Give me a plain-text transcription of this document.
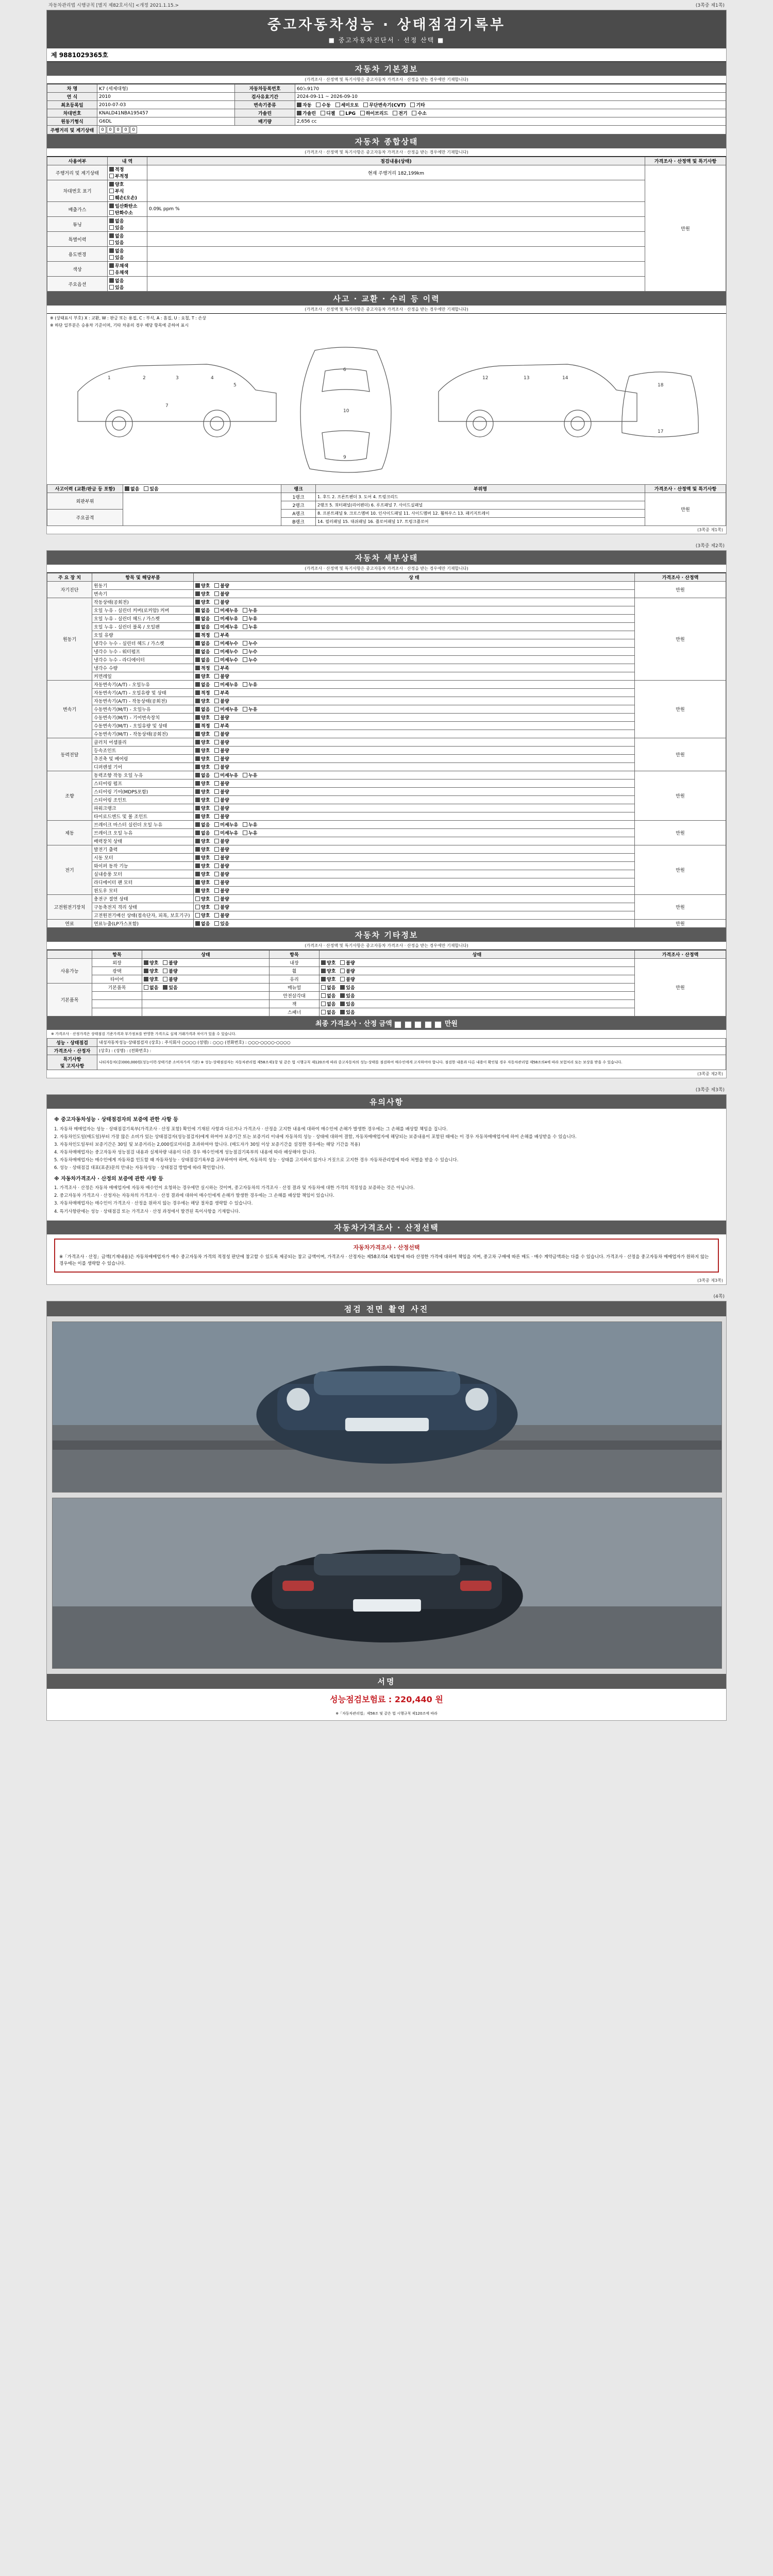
자동차관리법 시행규칙 [별지 제82호서식] <개정 2021.1.15.>	(3쪽중 제1쪽)
중고자동차성능 · 상태점검기록부
■ 중고자동차진단서 · 선정 산택 ■
제 9881029365호
자동차 기본정보
(가격조사 · 산정액 및 특기사항은 중고자동차 가격조사 · 산정을 받는 경우에만 기재합니다)
차 명	K7 (세제대형)	자동차등록번호	60노9170
연 식	2010	검사유효기간	2024-09-11 ~ 2026-09-10
최초등록일	2010-07-03	변속기종류	자동 수동 세미오토 무단변속기(CVT) 기타
차대번호	KNALD41NBA195457	가솔린	가솔린 디젤 LPG 하이브리드 전기 수소
원동기형식	G6DL	배기량	2,656 cc
주행거리 및 계기상태	0 0 0 0 0		
자동차 종합상태
(가격조사 · 산정액 및 특기사항은 중고자동차 가격조사 · 산정을 받는 경우에만 기재합니다)
사용여부	내 역	점검내용(상태)	가격조사 · 산정액 및 특기사항
주행거리 및 계기상태	적정 부적정	현재 주행거리 182,199km	만원
차대번호 표기	양호 부식 훼손(오손)		
배출가스	일산화탄소 탄화수소	0.09L ppm %	
튜닝	없음 있음		
특별이력	없음 있음		
용도변경	없음 있음		
색상	무채색 유채색		
주요옵션	없음 있음		
사고 · 교환 · 수리 등 이력
(가격조사 · 산정액 및 특기사항은 중고자동차 가격조사 · 산정을 받는 경우에만 기재합니다)
※ (상태표시 부호) X : 교환, W : 판금 또는 용접, C : 부식, A : 흠집, U : 요철, T : 손상
※ 하단 일부분은 승용차 기준이며, 기타 차종의 경우 해당 항목에 준하여 표시
1	2	3	4
5
7
6
10
9
12	13	14
18
17
사고이력 (교환/판금 등 포함)	없음 있음	랭크	부위명	가격조사 · 산정액 및 특기사항
외판부위		1랭크	1. 후드 2. 프론트펜더 3. 도어 4. 트렁크리드	만원
		2랭크	2랭크 5. 쿼터패널(리어펜더) 6. 루프패널 7. 사이드실패널	
주요골격		A랭크	8. 프론트패널 9. 크로스멤버 10. 인사이드패널 11. 사이드멤버 12. 휠하우스 13. 패키지트레이	
		B랭크	14. 필러패널 15. 대쉬패널 16. 플로어패널 17. 트렁크플로어	
(3쪽중 제1쪽)
(3쪽중 제2쪽)
자동차 세부상태
(가격조사 · 산정액 및 특기사항은 중고자동차 가격조사 · 산정을 받는 경우에만 기재합니다)
주 요 장 치	항목 및 해당부품	상 태	가격조사 · 산정액
자기진단	원동기	양호 불량	만원
	변속기	양호 불량	
원동기	작동상태(공회전)	양호 불량	만원
	오일 누유 - 실린더 커버(로커암) 커버	없음 미세누유 누유	
	오일 누유 - 실린더 헤드 / 가스켓	없음 미세누유 누유	
	오일 누유 - 실린더 블록 / 오일팬	없음 미세누유 누유	
	오일 유량	적정 부족	
	냉각수 누수 - 실린더 헤드 / 가스켓	없음 미세누수 누수	
	냉각수 누수 - 워터펌프	없음 미세누수 누수	
	냉각수 누수 - 라디에이터	없음 미세누수 누수	
	냉각수 수량	적정 부족	
	커먼레일	양호 불량	
변속기	자동변속기(A/T) - 오일누유	없음 미세누유 누유	만원
	자동변속기(A/T) - 오일유량 및 상태	적정 부족	
	자동변속기(A/T) - 작동상태(공회전)	양호 불량	
	수동변속기(M/T) - 오일누유	없음 미세누유 누유	
	수동변속기(M/T) - 기어변속장치	양호 불량	
	수동변속기(M/T) - 오일유량 및 상태	적정 부족	
	수동변속기(M/T) - 작동상태(공회전)	양호 불량	
동력전달	클러치 어셈블리	양호 불량	만원
	등속조인트	양호 불량	
	추진축 및 베어링	양호 불량	
	디퍼렌셜 기어	양호 불량	
조향	동력조향 작동 오일 누유	없음 미세누유 누유	만원
	스티어링 펌프	양호 불량	
	스티어링 기어(MDPS포함)	양호 불량	
	스티어링 조인트	양호 불량	
	파워크랭크	양호 불량	
	타이로드엔드 및 볼 조인트	양호 불량	
제동	브레이크 마스터 실린더 오일 누유	없음 미세누유 누유	만원
	브레이크 오일 누유	없음 미세누유 누유	
	배력장치 상태	양호 불량	
전기	발전기 출력	양호 불량	만원
	시동 모터	양호 불량	
	와이퍼 동작 기능	양호 불량	
	실내송풍 모터	양호 불량	
	라디에이터 팬 모터	양호 불량	
	윈도우 모터	양호 불량	
고전원전기장치	충전구 절연 상태	양호 불량	만원
	구동축전지 격리 상태	양호 불량	
	고전원전기배선 상태(접속단자, 피복, 보호기구)	양호 불량	
연료	연료누출(LP가스포함)	없음 있음	만원
자동차 기타정보
(가격조사 · 산정액 및 특기사항은 중고자동차 가격조사 · 산정을 받는 경우에만 기재합니다)
	항목	상태	항목	상태	가격조사 · 산정액
사용가능	외장	양호 불량	내장	양호 불량	만원
	광택	양호 불량	휠	양호 불량	
	타이어	양호 불량	유리	양호 불량	
기본품목	기본품목	없음 있음	매뉴얼	없음 있음	
			안전삼각대	없음 있음	
			잭	없음 있음	
			스패너	없음 있음	
최종 가격조사 · 산정 금액 0 0 0 0 0 만원
※ 가격조사 · 산정가격은 상태점검 기준가격과 부가정보를 반영한 가격으로 실제 거래가격과 차이가 있을 수 있습니다.
성능 · 상태점검	내성자동차성능·상태점검자 (상호) : 주식회사 ○○○○ (성명) : ○○○ (전화번호) : ○○○-○○○○-○○○○
가격조사 · 산정자	(상호) : (성명) : (전화번호) :
특기사항
및 고지사항	나티자동차(중)000,000원(성능이력·상태기준 소비자가격 기준) ※ 성능·상태점검자는 자동차관리법 제58조제1항 및 같은 법 시행규칙 제120조에 따라 중고자동차의 성능·상태를 점검하여 매수인에게 고지하여야 합니다. 점검한 내용과 다른 내용이 확인될 경우 자동차관리법 제58조의4에 따라 보험처리 또는 보상을 받을 수 있습니다.
(3쪽중 제2쪽)
(3쪽중 제3쪽)
유의사항
※ 중고자동차성능 · 상태점검자의 보증에 관한 사항 등

1. 자동차 매매업자는 성능 · 상태점검기록부(가격조사 · 산정 포함) 확인에 기재된 사항과 다르거나 가격조사 · 산정을 고지한 내용에 대하여 매수인에 손해가 발생한 경우에는 그 손해를 배상할 책임을 집니다.

2. 자동차인도일(매도일)부터 가장 많은 소비가 있는 상태점검자(성능점검자)에게 하여야 보증기간 또는 보증거리 이내에 자동차의 성능 · 상태에 대하여 결함, 자동차매매업자에 해당되는 보증내용이 포함된 때에는 이 경우 자동차매매업자에 하여 손해를 배상받을 수 있습니다.

3. 자동차인도일부터 보증기간은 30일 및 보증거리는 2,000킬로미터를 초과하여야 합니다. (매도자가 30일 이상 보증기간을 설정한 경우에는 해당 기간을 적용)

4. 자동차매매업자는 중고자동차 성능점검 내용과 실제차량 내용이 다른 경우 매수인에게 성능점검기록부의 내용에 따라 배상해야 합니다.

5. 자동차매매업자는 매수인에게 자동차를 인도할 때 자동차성능 · 상태점검기록부를 교부하여야 하며, 자동차의 성능 · 상태를 고지하지 않거나 거짓으로 고지한 경우 자동차관리법에 따라 처벌을 받을 수 있습니다.

6. 성능 · 상태점검 대표(표준)문의 안내는 자동차성능 · 상태점검 방법에 따라 확인합니다.

※ 자동차가격조사 · 산정의 보증에 관한 사항 등

1. 가격조사 · 산정은 자동차 매매업자에 자동차 매수인이 요청하는 경우에만 실시하는 것이며, 중고자동차의 가격조사 · 산정 결과 및 자동차에 대한 가격의 적정성을 보증하는 것은 아닙니다.

2. 중고자동차 가격조사 · 산정자는 자동차의 가격조사 · 산정 결과에 대하여 매수인에게 손해가 발생한 경우에는 그 손해를 배상할 책임이 있습니다.

3. 자동차매매업자는 매수인이 가격조사 · 산정을 원하지 않는 경우에는 해당 절차를 생략할 수 있습니다.

4. 특기사항란에는 성능 · 상태점검 또는 가격조사 · 산정 과정에서 발견된 특이사항을 기재합니다.

자동차가격조사 · 산정선택
자동차가격조사 · 산정선택
※「가격조사 · 산정」금액(기재내용)은 자동차매매업자가 매수 중고자동차 가격의 적정성 판단에 참고할 수 있도록 제공되는 참고 금액이며, 가격조사 · 산정자는 제58조의4 제1항에 따라 산정한 가격에 대하여 책임을 지며, 중고차 구매에 따른 매도 · 매수 계약금액과는 다를 수 있습니다. 가격조사 · 산정을 중고자동차 매매업자가 원하지 않는 경우에는 이를 생략할 수 있습니다.
(3쪽중 제3쪽)
(4쪽)
점검 전면 촬영 사진
서명
성능점검보험료 : 220,440 원
※「자동차관리법」제58조 및 같은 법 시행규칙 제120조에 따라
